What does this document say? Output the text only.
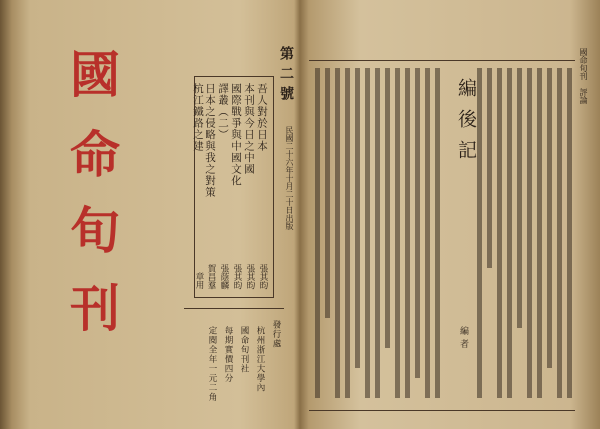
國
命
旬
刊
第二號
民國二十六年十月二十日出版
吾人對於日本
本刊與今日之中國
國際戰爭與中國文化
譯叢（二）
日本之侵略與我之對策
杭江鐵路之建
張其昀
張其昀
張其昀
張蔭麟
賀昌羣
章用
發行處
杭州浙江大學內
國命旬刊社
每期實價四分
定閱全年一元二角
國命旬刊
評論
編後記
編者
